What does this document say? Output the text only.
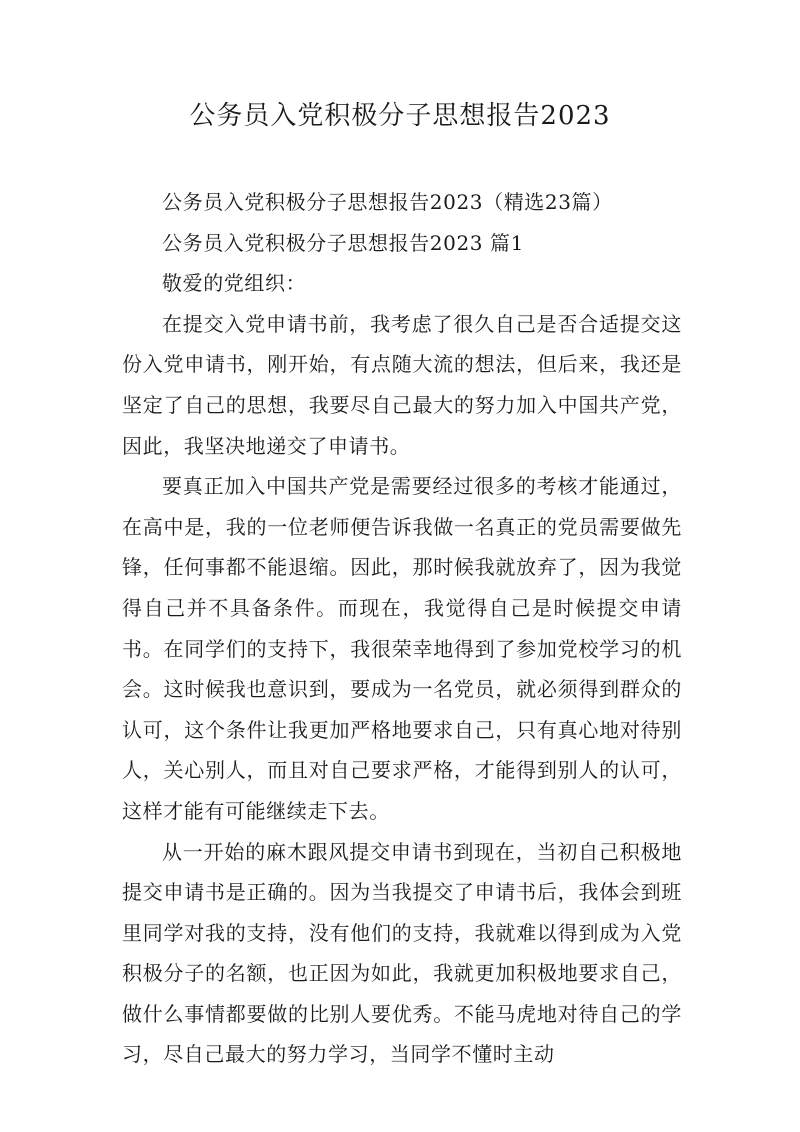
公务员入党积极分子思想报告2023

公务员入党积极分子思想报告2023（精选23篇）

公务员入党积极分子思想报告2023 篇1

敬爱的党组织：

在提交入党申请书前，我考虑了很久自己是否合适提交这份入党申请书，刚开始，有点随大流的想法，但后来，我还是坚定了自己的思想，我要尽自己最大的努力加入中国共产党，因此，我坚决地递交了申请书。

要真正加入中国共产党是需要经过很多的考核才能通过，在高中是，我的一位老师便告诉我做一名真正的党员需要做先锋，任何事都不能退缩。因此，那时候我就放弃了，因为我觉得自己并不具备条件。而现在，我觉得自己是时候提交申请书。在同学们的支持下，我很荣幸地得到了参加党校学习的机会。这时候我也意识到，要成为一名党员，就必须得到群众的认可，这个条件让我更加严格地要求自己，只有真心地对待别人，关心别人，而且对自己要求严格，才能得到别人的认可，这样才能有可能继续走下去。

从一开始的麻木跟风提交申请书到现在，当初自己积极地提交申请书是正确的。因为当我提交了申请书后，我体会到班里同学对我的支持，没有他们的支持，我就难以得到成为入党积极分子的名额，也正因为如此，我就更加积极地要求自己，做什么事情都要做的比别人要优秀。不能马虎地对待自己的学习，尽自己最大的努力学习，当同学不懂时主动
